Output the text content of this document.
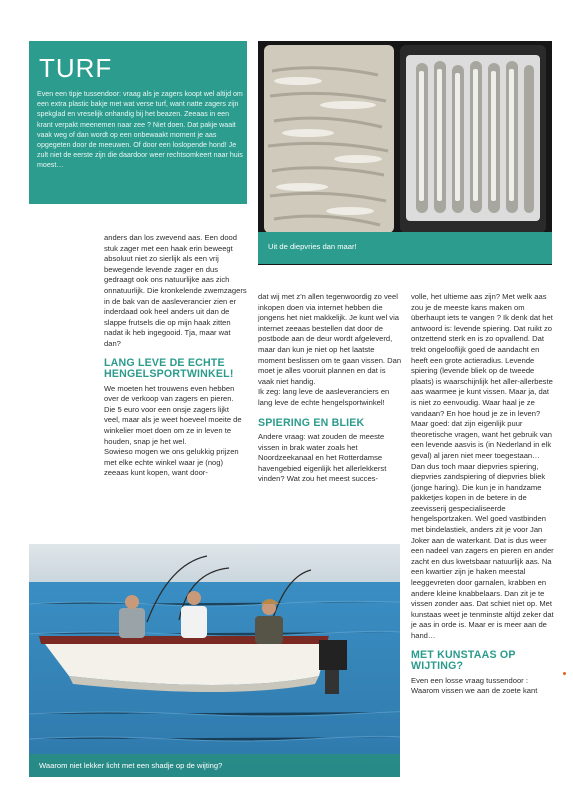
TURF
Even een tipje tussendoor: vraag als je zagers koopt wel altijd om een extra plastic bakje met wat verse turf, want natte zagers zijn spekglad en vreselijk onhandig bij het beazen. Zeeaas in een krant verpakt meenemen naar zee ? Niet doen. Dat pakje waait vaak weg of dan wordt op een onbewaakt moment je aas opgegeten door de meeuwen. Of door een loslopende hond! Je zult niet de eerste zijn die daardoor weer rechtsomkeert naar huis moest…
Uit de diepvries dan maar!

anders dan los zwevend aas. Een dood stuk zager met een haak erin beweegt absoluut niet zo sierlijk als een vrij bewegende levende zager en dus gedraagt ook ons natuurlijke aas zich onnatuurlijk. Die kronkelende zwemzagers in de bak van de aasleverancier zien er inderdaad ook heel anders uit dan de slappe frutsels die op mijn haak zitten nadat ik heb ingegooid. Tja, maar wat dan?

LANG LEVE DE ECHTE HENGELSPORTWINKEL!

We moeten het trouwens even hebben over de verkoop van zagers en pieren. Die 5 euro voor een onsje zagers lijkt veel, maar als je weet hoeveel moeite de winkelier moet doen om ze in leven te houden, snap je het wel.

Sowieso mogen we ons gelukkig prijzen met elke echte winkel waar je (nog) zeeaas kunt kopen, want door-

dat wij met z'n allen tegenwoordig zo veel inkopen doen via internet hebben die jongens het niet makkelijk. Je kunt wel via internet zeeaas bestellen dat door de postbode aan de deur wordt afgeleverd, maar dan kun je niet op het laatste moment beslissen om te gaan vissen. Dan moet je alles vooruit plannen en dat is vaak niet handig.

Ik zeg: lang leve de aasleveranciers en lang leve de echte hengelsportwinkel!

SPIERING EN BLIEK

Andere vraag: wat zouden de meeste vissen in brak water zoals het Noordzeekanaal en het Rotterdamse havengebied eigenlijk het allerlekkerst vinden? Wat zou het meest succes-

volle, het ultieme aas zijn? Met welk aas zou je de meeste kans maken om überhaupt iets te vangen ? Ik denk dat het antwoord is: levende spiering. Dat ruikt zo ontzettend sterk en is zo opvallend. Dat trekt ongelooflijk goed de aandacht en heeft een grote actieradius. Levende spiering (levende bliek op de tweede plaats) is waarschijnlijk het aller-allerbeste aas waarmee je kunt vissen. Maar ja, dat is niet zo eenvoudig. Waar haal je ze vandaan? En hoe houd je ze in leven? Maar goed: dat zijn eigenlijk puur theoretische vragen, want het gebruik van een levende aasvis is (in Nederland in elk geval) al jaren niet meer toegestaan…

Dan dus toch maar diepvries spiering, diepvries zandspiering of diepvries bliek (jonge haring). Die kun je in handzame pakketjes kopen in de betere in de zeevisserij gespecialiseerde hengelsportzaken. Wel goed vastbinden met bindelastiek, anders zit je voor Jan Joker aan de waterkant. Dat is dus weer een nadeel van zagers en pieren en ander zacht en dus kwetsbaar natuurlijk aas. Na een kwartier zijn je haken meestal leeggevreten door garnalen, krabben en andere kleine knabbelaars. Dan zit je te vissen zonder aas. Dat schiet niet op. Met kunstaas weet je tenminste altijd zeker dat je aas in orde is. Maar er is meer aan de hand…

MET KUNSTAAS OP WIJTING?

Even een losse vraag tussendoor : Waarom vissen we aan de zoete kant

Waarom niet lekker licht met een shadje op de wijting?
